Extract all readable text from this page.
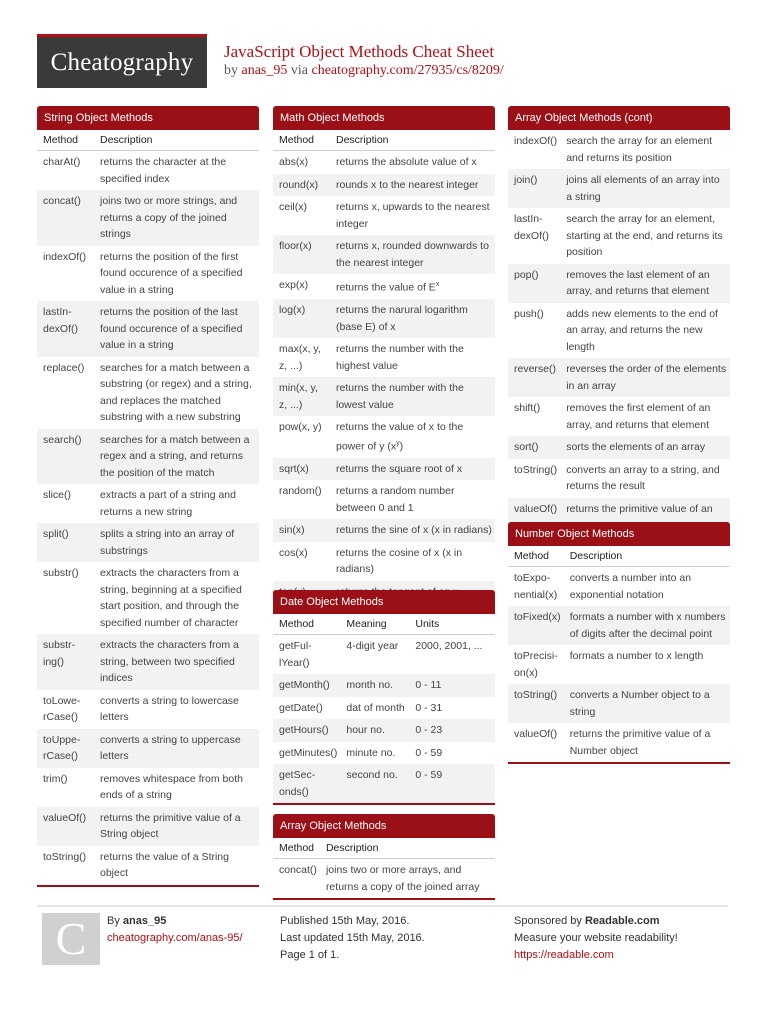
Cheatography	JavaScript Object Methods Cheat Sheet
by anas_95 via cheatography.com/27935/cs/8209/
String Object Methods
Method	Description
charAt()	returns the character at the specified index
concat()	joins two or more strings, and returns a copy of the joined strings
indexOf()	returns the position of the first found occurence of a specified value in a string
lastIn-dexOf()	returns the position of the last found occurence of a specified value in a string
replace()	searches for a match between a substring (or regex) and a string, and replaces the matched substring with a new substring
search()	searches for a match between a regex and a string, and returns the position of the match
slice()	extracts a part of a string and returns a new string
split()	splits a string into an array of substrings
substr()	extracts the characters from a string, beginning at a specified start position, and through the specified number of character
substr-ing()	extracts the characters from a string, between two specified indices
toLowe-rCase()	converts a string to lowercase letters
toUppe-rCase()	converts a string to uppercase letters
trim()	removes whitespace from both ends of a string
valueOf()	returns the primitive value of a String object
toString()	returns the value of a String object
Math Object Methods
Method	Description
abs(x)	returns the absolute value of x
round(x)	rounds x to the nearest integer
ceil(x)	returns x, upwards to the nearest integer
floor(x)	returns x, rounded downwards to the nearest integer
exp(x)	returns the value of $E^x$
log(x)	returns the narural logarithm (base E) of x
max(x, y, z, ...)	returns the number with the highest value
min(x, y, z, ...)	returns the number with the lowest value
pow(x, y)	returns the value of x to the power of y $(x^y)$
sqrt(x)	returns the square root of x
random()	returns a random number between 0 and 1
sin(x)	returns the sine of x (x in radians)
cos(x)	returns the cosine of x (x in radians)

Date Object Methods
Method	Meaning	Units
getFul-lYear()	4-digit year	2000, 2001, ...
getMonth()	month no.	0 - 11
getDate()	dat of month	0 - 31
getHours()	hour no.	0 - 23
getMinutes()	minute no.	0 - 59
getSec-onds()	second no.	0 - 59
Array Object Methods
Method	Description
concat()	joins two or more arrays, and returns a copy of the joined array
Array Object Methods (cont)
indexOf()	search the array for an element and returns its position
join()	joins all elements of an array into a string
lastIn-dexOf()	search the array for an element, starting at the end, and returns its position
pop()	removes the last element of an array, and returns that element
push()	adds new elements to the end of an array, and returns the new length
reverse()	reverses the order of the elements in an array
shift()	removes the first element of an array, and returns that element
sort()	sorts the elements of an array
toString()	converts an array to a string, and returns the result
valueOf()	returns the primitive value of an
Number Object Methods
Method	Description
toExpo-nential(x)	converts a number into an exponential notation
toFixed(x)	formats a number with x numbers of digits after the decimal point
toPrecisi-on(x)	formats a number to x length
toString()	converts a Number object to a string
valueOf()	returns the primitive value of a Number object
C	By anas_95
cheatography.com/anas-95/
Published 15th May, 2016.
Last updated 15th May, 2016.
Page 1 of 1.
Sponsored by Readable.com
Measure your website readability!
https://readable.com
